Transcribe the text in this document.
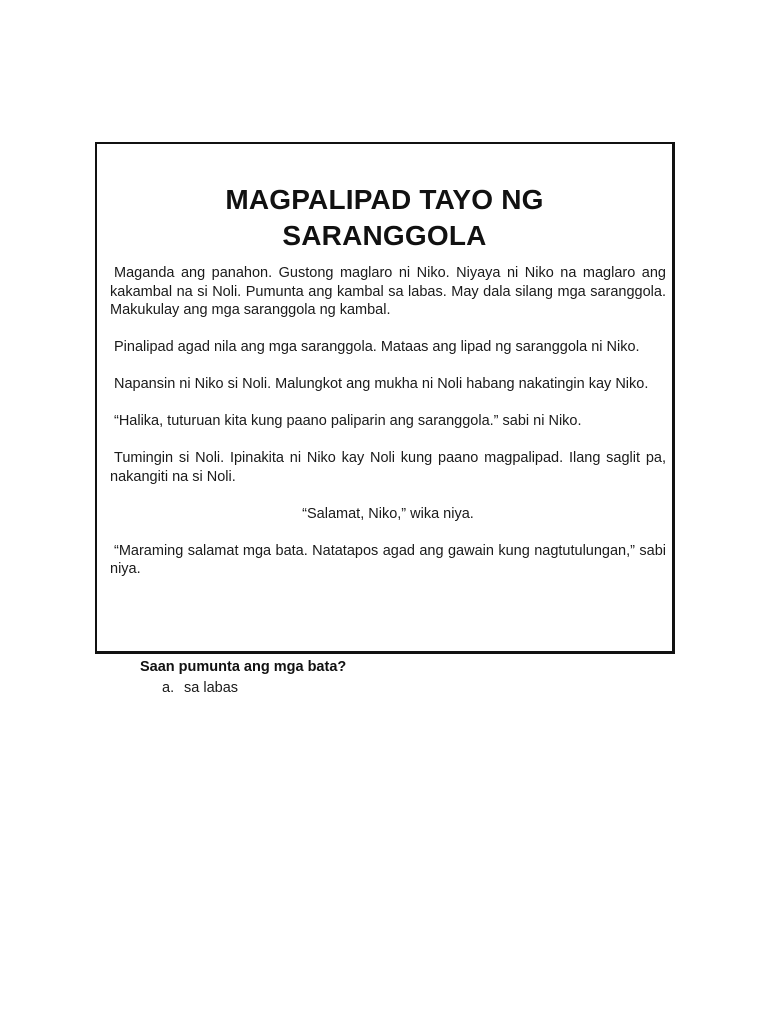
MAGPALIPAD TAYO NG
SARANGGOLA

Maganda ang panahon. Gustong maglaro ni Niko. Niyaya ni Niko na maglaro ang kakambal na si Noli. Pumunta ang kambal sa labas. May dala silang mga saranggola. Makukulay ang mga saranggola ng kambal.

Pinalipad agad nila ang mga saranggola. Mataas ang lipad ng saranggola ni Niko.

Napansin ni Niko si Noli. Malungkot ang mukha ni Noli habang nakatingin kay Niko.

“Halika, tuturuan kita kung paano paliparin ang saranggola.” sabi ni Niko.

Tumingin si Noli. Ipinakita ni Niko kay Noli kung paano magpalipad. Ilang saglit pa, nakangiti na si Noli.

“Salamat, Niko,” wika niya.

“Maraming salamat mga bata. Natatapos agad ang gawain kung nagtutulungan,” sabi niya.

Saan pumunta ang mga bata?
a. sa labas
